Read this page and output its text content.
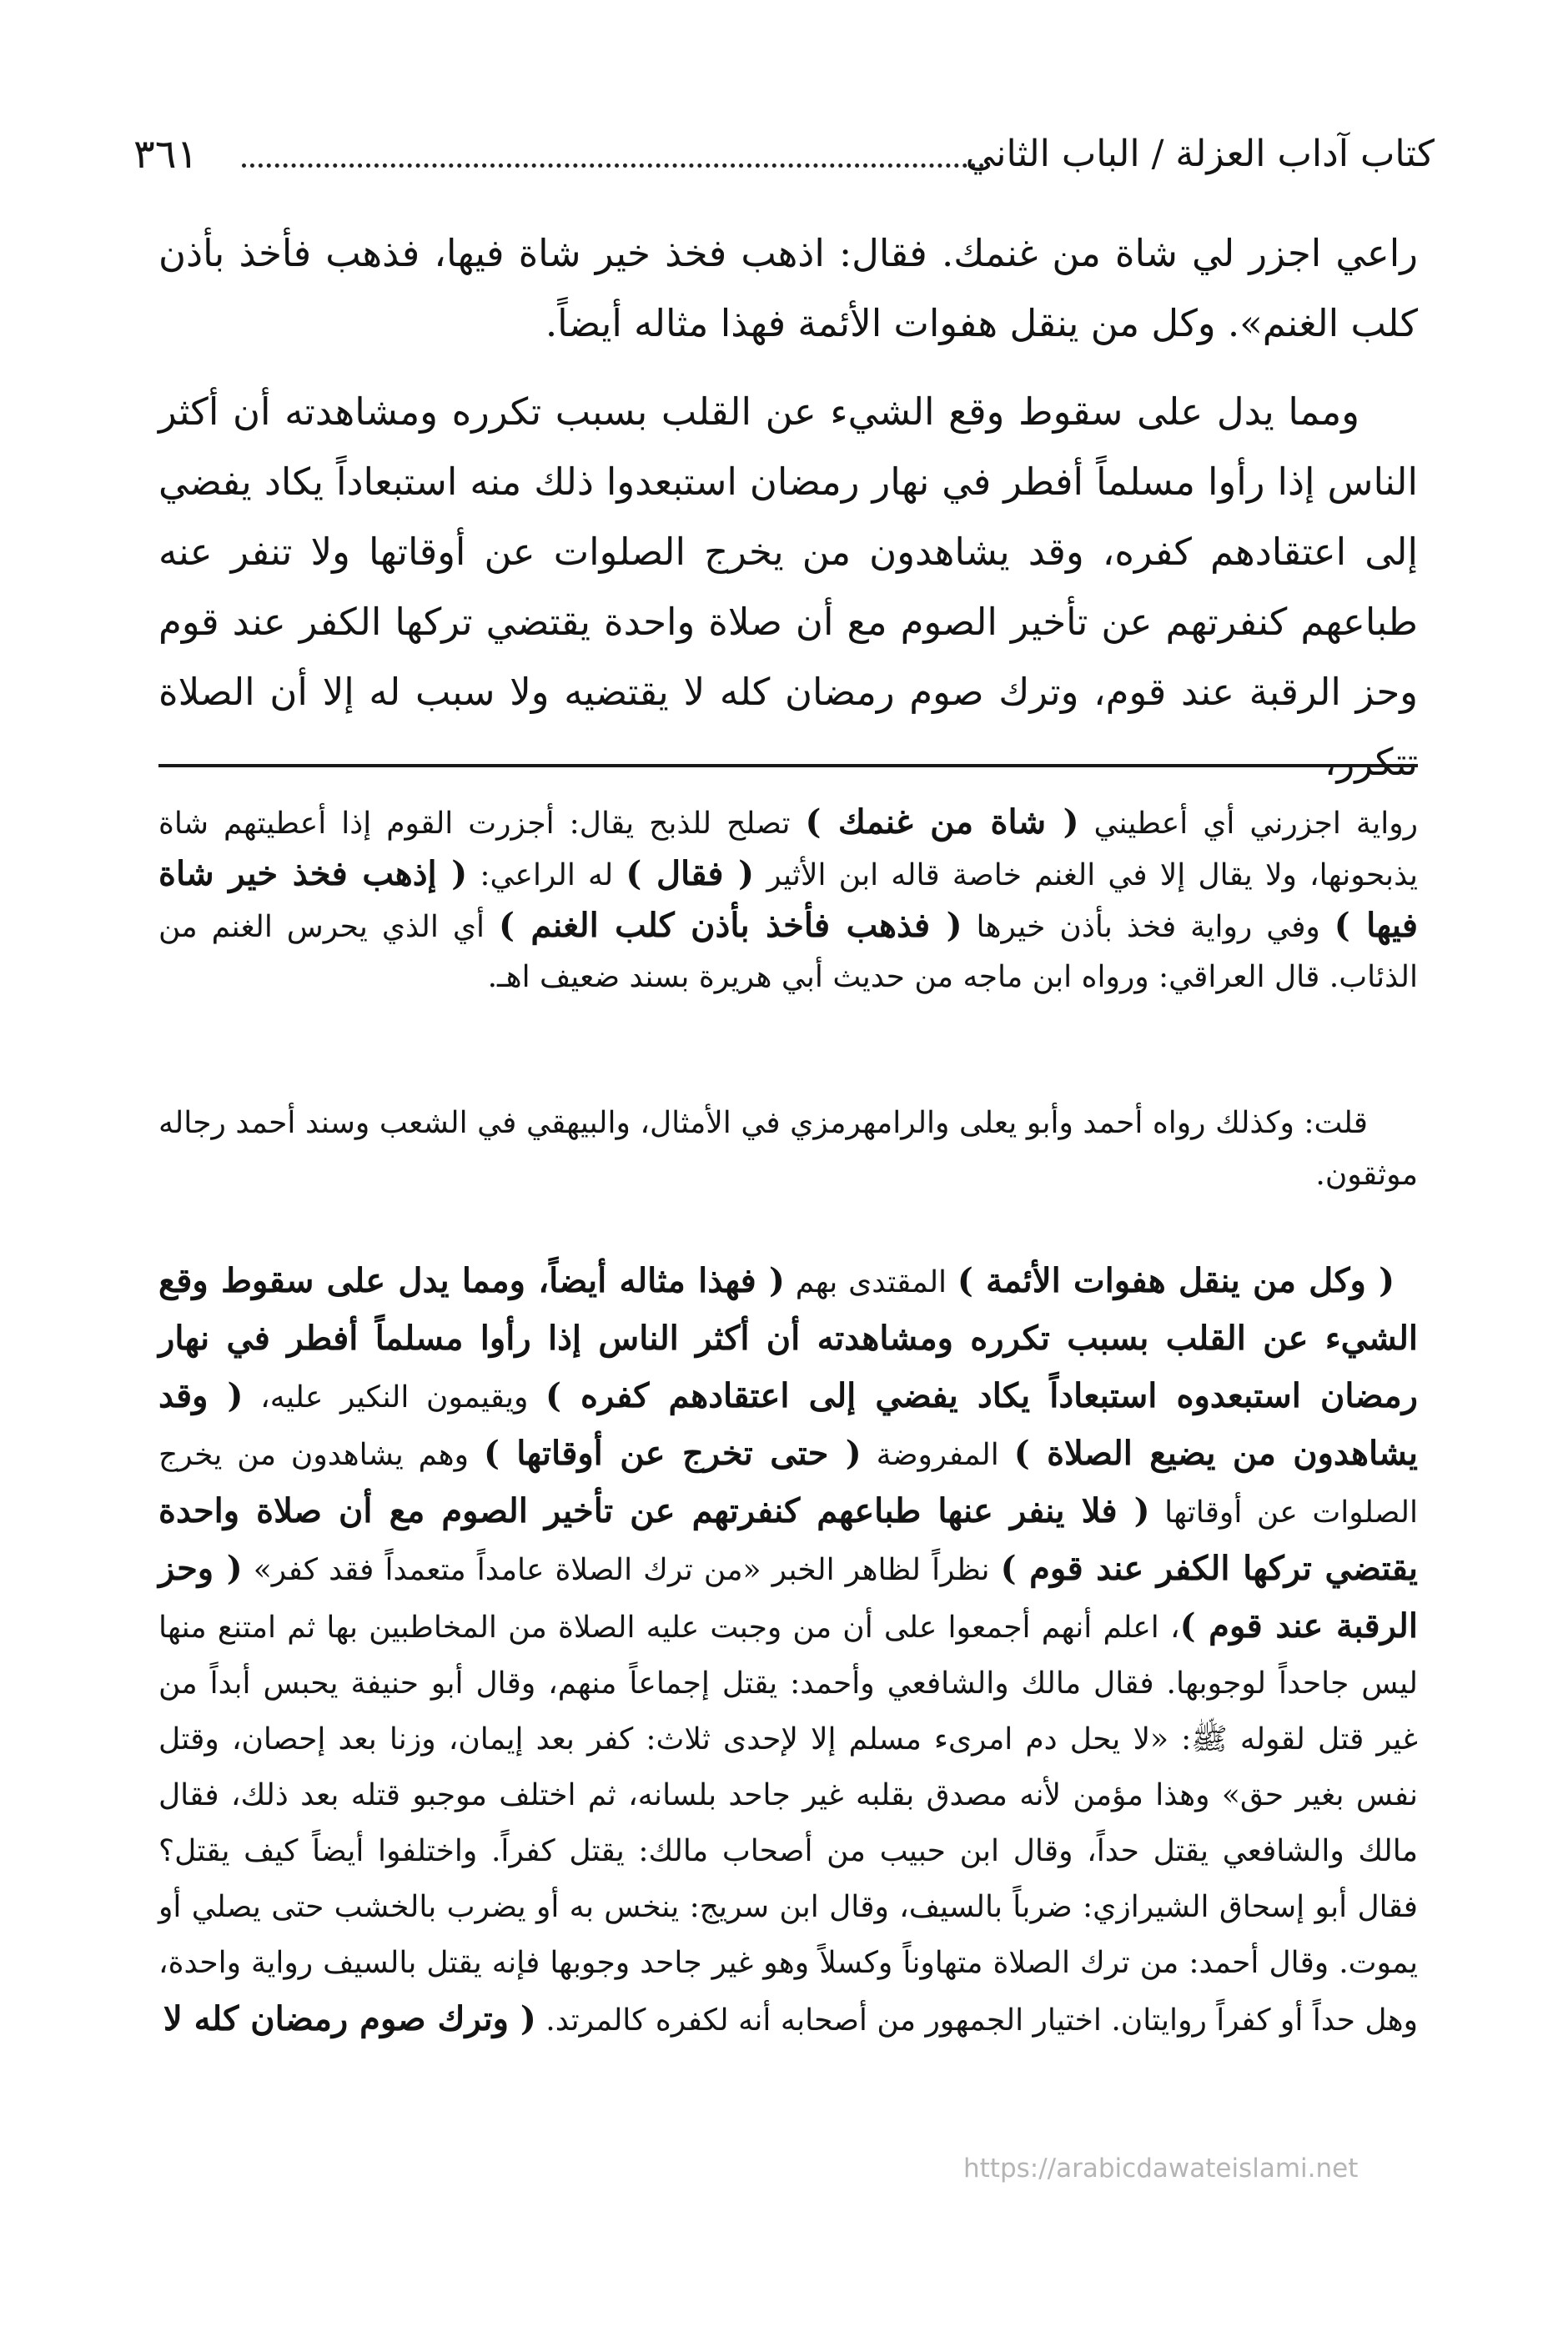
كتاب آداب العزلة / الباب الثاني
٣٦١

راعي اجزر لي شاة من غنمك. فقال: اذهب فخذ خير شاة فيها، فذهب فأخذ بأذن كلب الغنم». وكل من ينقل هفوات الأئمة فهذا مثاله أيضاً.

ومما يدل على سقوط وقع الشيء عن القلب بسبب تكرره ومشاهدته أن أكثر الناس إذا رأوا مسلماً أفطر في نهار رمضان استبعدوا ذلك منه استبعاداً يكاد يفضي إلى اعتقادهم كفره، وقد يشاهدون من يخرج الصلوات عن أوقاتها ولا تنفر عنه طباعهم كنفرتهم عن تأخير الصوم مع أن صلاة واحدة يقتضي تركها الكفر عند قوم وحز الرقبة عند قوم، وترك صوم رمضان كله لا يقتضيه ولا سبب له إلا أن الصلاة تتكرر،

رواية اجزرني أي أعطيني ( شاة من غنمك ) تصلح للذبح يقال: أجزرت القوم إذا أعطيتهم شاة يذبحونها، ولا يقال إلا في الغنم خاصة قاله ابن الأثير ( فقال ) له الراعي: ( إذهب فخذ خير شاة فيها ) وفي رواية فخذ بأذن خيرها ( فذهب فأخذ بأذن كلب الغنم ) أي الذي يحرس الغنم من الذئاب. قال العراقي: ورواه ابن ماجه من حديث أبي هريرة بسند ضعيف اهـ.

قلت: وكذلك رواه أحمد وأبو يعلى والرامهرمزي في الأمثال، والبيهقي في الشعب وسند أحمد رجاله موثقون.

( وكل من ينقل هفوات الأئمة ) المقتدى بهم ( فهذا مثاله أيضاً، ومما يدل على سقوط وقع الشيء عن القلب بسبب تكرره ومشاهدته أن أكثر الناس إذا رأوا مسلماً أفطر في نهار رمضان استبعدوه استبعاداً يكاد يفضي إلى اعتقادهم كفره ) ويقيمون النكير عليه، ( وقد يشاهدون من يضيع الصلاة ) المفروضة ( حتى تخرج عن أوقاتها ) وهم يشاهدون من يخرج الصلوات عن أوقاتها ( فلا ينفر عنها طباعهم كنفرتهم عن تأخير الصوم مع أن صلاة واحدة يقتضي تركها الكفر عند قوم ) نظراً لظاهر الخبر «من ترك الصلاة عامداً متعمداً فقد كفر» ( وحز الرقبة عند قوم )، اعلم أنهم أجمعوا على أن من وجبت عليه الصلاة من المخاطبين بها ثم امتنع منها ليس جاحداً لوجوبها. فقال مالك والشافعي وأحمد: يقتل إجماعاً منهم، وقال أبو حنيفة يحبس أبداً من غير قتل لقوله ﷺ: «لا يحل دم امرىء مسلم إلا لإحدى ثلاث: كفر بعد إيمان، وزنا بعد إحصان، وقتل نفس بغير حق» وهذا مؤمن لأنه مصدق بقلبه غير جاحد بلسانه، ثم اختلف موجبو قتله بعد ذلك، فقال مالك والشافعي يقتل حداً، وقال ابن حبيب من أصحاب مالك: يقتل كفراً. واختلفوا أيضاً كيف يقتل؟ فقال أبو إسحاق الشيرازي: ضرباً بالسيف، وقال ابن سريج: ينخس به أو يضرب بالخشب حتى يصلي أو يموت. وقال أحمد: من ترك الصلاة متهاوناً وكسلاً وهو غير جاحد وجوبها فإنه يقتل بالسيف رواية واحدة، وهل حداً أو كفراً روايتان. اختيار الجمهور من أصحابه أنه لكفره كالمرتد. ( وترك صوم رمضان كله لا

https://arabicdawateislami.net
